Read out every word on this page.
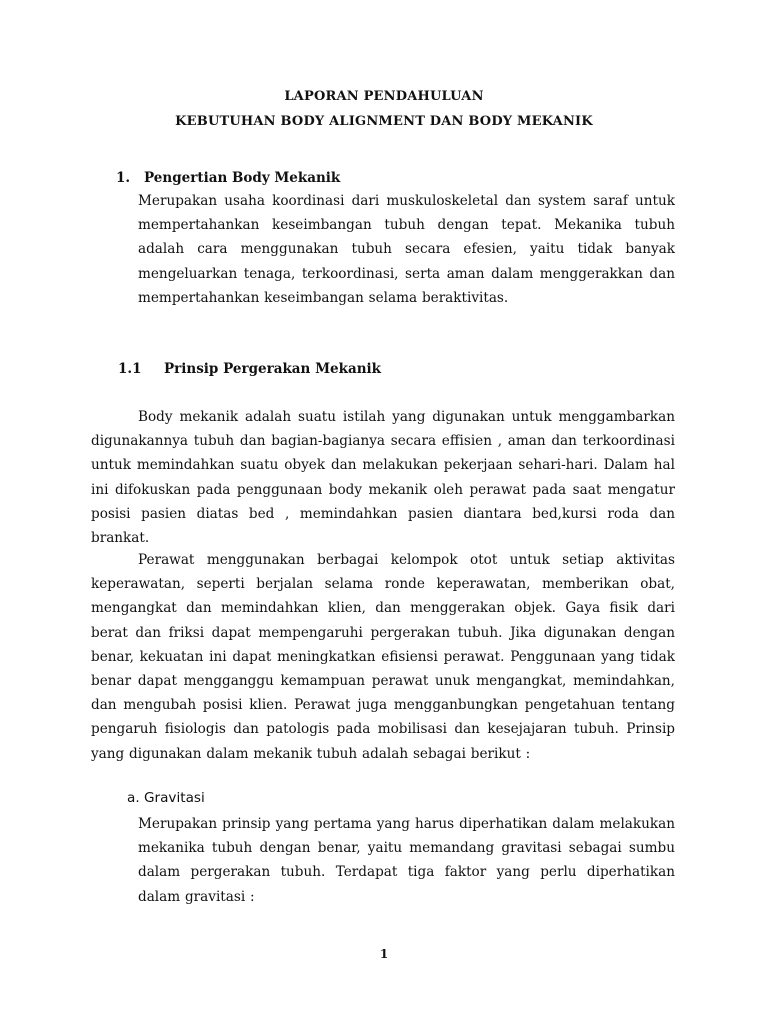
LAPORAN PENDAHULUAN
KEBUTUHAN BODY ALIGNMENT DAN BODY MEKANIK
1. Pengertian Body Mekanik
Merupakan usaha koordinasi dari muskuloskeletal dan system saraf untuk mempertahankan keseimbangan tubuh dengan tepat. Mekanika tubuh adalah cara menggunakan tubuh secara efesien, yaitu tidak banyak mengeluarkan tenaga, terkoordinasi, serta aman dalam menggerakkan dan mempertahankan keseimbangan selama beraktivitas.
1.1 Prinsip Pergerakan Mekanik
Body mekanik adalah suatu istilah yang digunakan untuk menggambarkan digunakannya tubuh dan bagian-bagianya secara effisien , aman dan terkoordinasi untuk memindahkan suatu obyek dan melakukan pekerjaan sehari-hari. Dalam hal ini difokuskan pada penggunaan body mekanik oleh perawat pada saat mengatur posisi pasien diatas bed , memindahkan pasien diantara bed,kursi roda dan brankat.
Perawat menggunakan berbagai kelompok otot untuk setiap aktivitas keperawatan, seperti berjalan selama ronde keperawatan, memberikan obat, mengangkat dan memindahkan klien, dan menggerakan objek. Gaya fisik dari berat dan friksi dapat mempengaruhi pergerakan tubuh. Jika digunakan dengan benar, kekuatan ini dapat meningkatkan efisiensi perawat. Penggunaan yang tidak benar dapat mengganggu kemampuan perawat unuk mengangkat, memindahkan, dan mengubah posisi klien. Perawat juga mengganbungkan pengetahuan tentang pengaruh fisiologis dan patologis pada mobilisasi dan kesejajaran tubuh. Prinsip yang digunakan dalam mekanik tubuh adalah sebagai berikut :
a. Gravitasi
Merupakan prinsip yang pertama yang harus diperhatikan dalam melakukan mekanika tubuh dengan benar, yaitu memandang gravitasi sebagai sumbu dalam pergerakan tubuh. Terdapat tiga faktor yang perlu diperhatikan dalam gravitasi :
1
